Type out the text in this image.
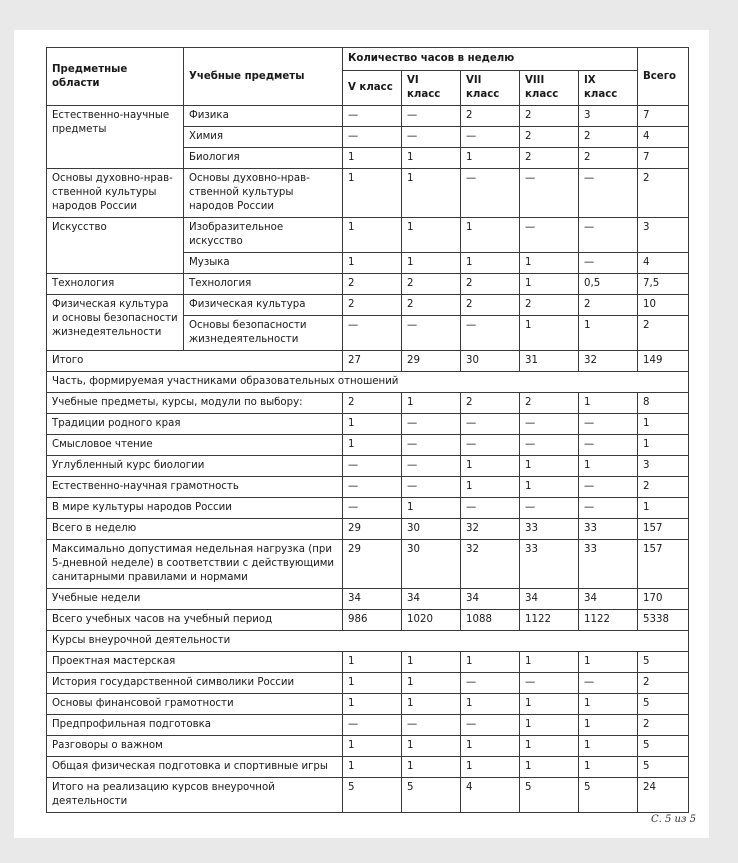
Предметные области	Учебные предметы	Количество часов в неделю					Всего
		V класс	VI класс	VII класс	VIII класс	IX класс	
Естественно-научные предметы	Физика	—	—	2	2	3	7
	Химия	—	—	—	2	2	4
	Биология	1	1	1	2	2	7
Основы духовно-нравственной культуры народов России	Основы духовно-нравственной культуры народов России	1	1	—	—	—	2
Искусство	Изобразительное искусство	1	1	1	—	—	3
	Музыка	1	1	1	1	—	4
Технология	Технология	2	2	2	1	0,5	7,5
Физическая культура и основы безопасности жизнедеятельности	Физическая культура	2	2	2	2	2	10
	Основы безопасности жизнедеятельности	—	—	—	1	1	2
Итого		27	29	30	31	32	149
Часть, формируемая участниками образовательных отношений							
Учебные предметы, курсы, модули по выбору:		2	1	2	2	1	8
Традиции родного края		1	—	—	—	—	1
Смысловое чтение		1	—	—	—	—	1
Углубленный курс биологии		—	—	1	1	1	3
Естественно-научная грамотность		—	—	1	1	—	2
В мире культуры народов России		—	1	—	—	—	1
Всего в неделю		29	30	32	33	33	157
Максимально допустимая недельная нагрузка (при 5-дневной неделе) в соответствии с действующими санитарными правилами и нормами		29	30	32	33	33	157
Учебные недели		34	34	34	34	34	170
Всего учебных часов на учебный период		986	1020	1088	1122	1122	5338
Курсы внеурочной деятельности							
Проектная мастерская		1	1	1	1	1	5
История государственной символики России		1	1	—	—	—	2
Основы финансовой грамотности		1	1	1	1	1	5
Предпрофильная подготовка		—	—	—	1	1	2
Разговоры о важном		1	1	1	1	1	5
Общая физическая подготовка и спортивные игры		1	1	1	1	1	5
Итого на реализацию курсов внеурочной деятельности		5	5	4	5	5	24
С. 5 из 5
